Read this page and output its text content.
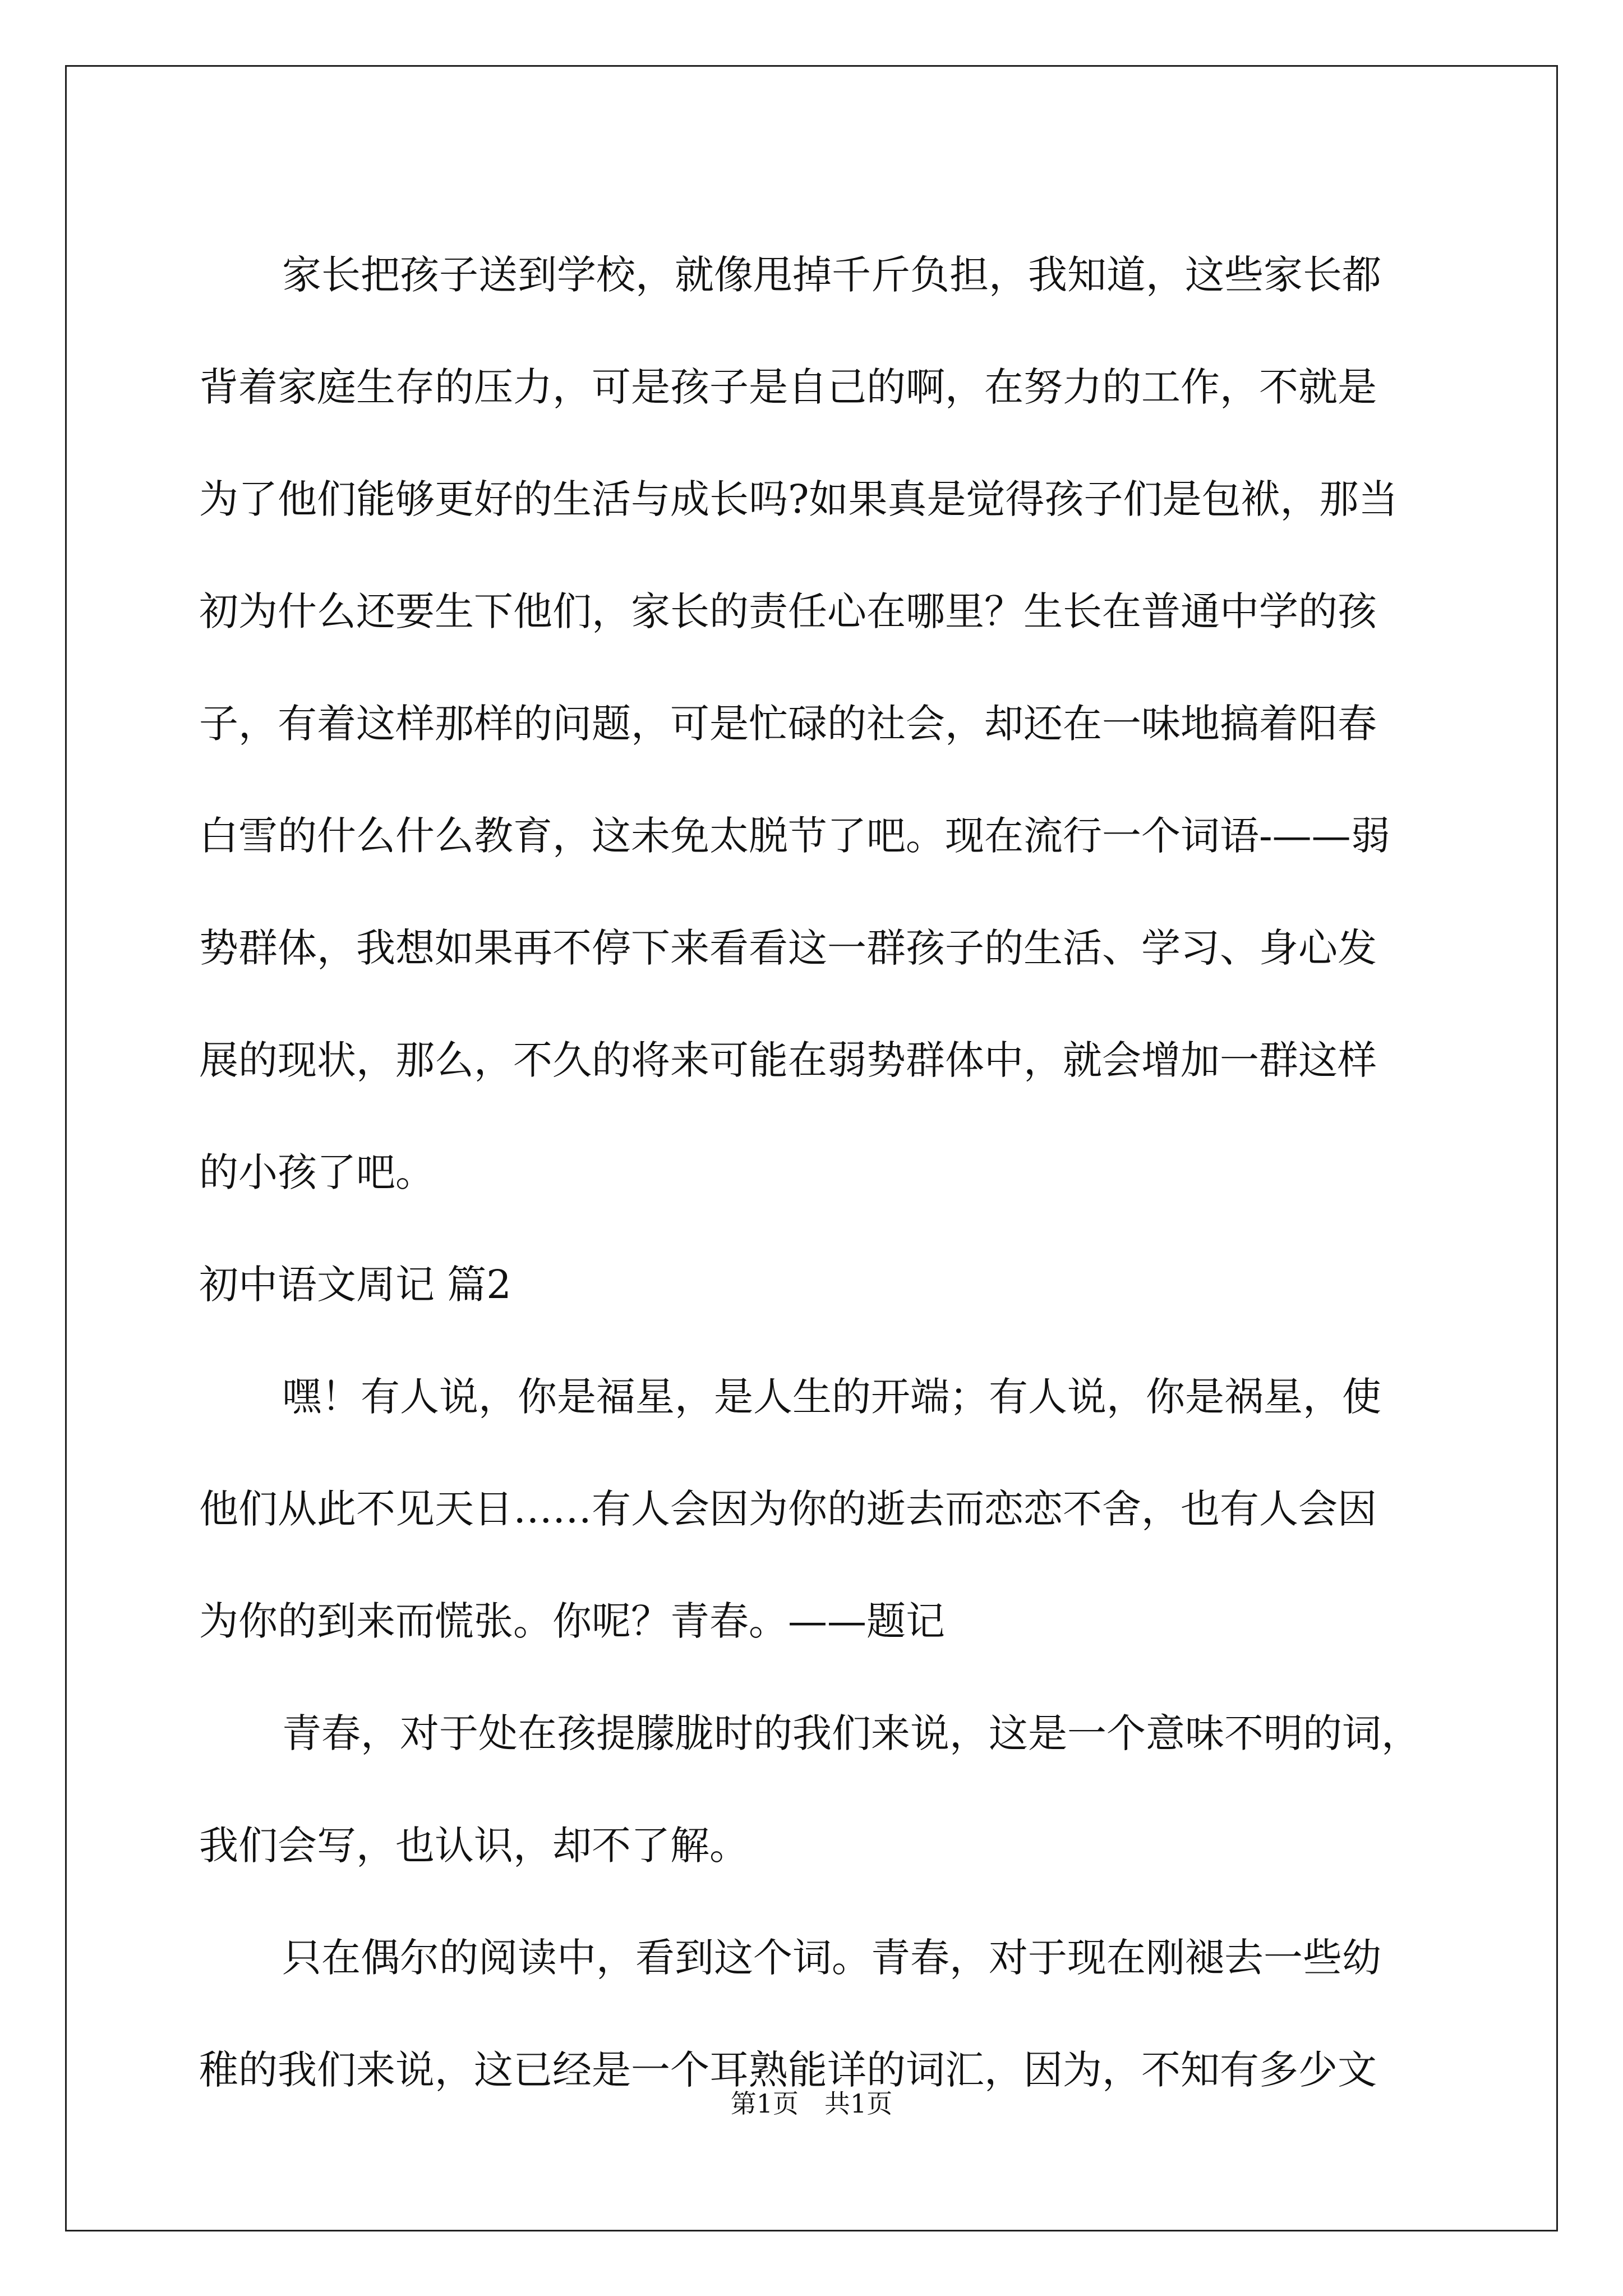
家长把孩子送到学校，就像甩掉千斤负担，我知道，这些家长都

背着家庭生存的压力，可是孩子是自己的啊，在努力的工作，不就是

为了他们能够更好的生活与成长吗?如果真是觉得孩子们是包袱，那当

初为什么还要生下他们，家长的责任心在哪里？生长在普通中学的孩

子，有着这样那样的问题，可是忙碌的社会，却还在一味地搞着阳春

白雪的什么什么教育，这未免太脱节了吧。现在流行一个词语-——弱

势群体，我想如果再不停下来看看这一群孩子的生活、学习、身心发

展的现状，那么，不久的将来可能在弱势群体中，就会增加一群这样

的小孩了吧。

初中语文周记 篇2

嘿！有人说，你是福星，是人生的开端；有人说，你是祸星，使

他们从此不见天日……有人会因为你的逝去而恋恋不舍，也有人会因

为你的到来而慌张。你呢？青春。——题记

青春，对于处在孩提朦胧时的我们来说，这是一个意味不明的词，

我们会写，也认识，却不了解。

只在偶尔的阅读中，看到这个词。青春，对于现在刚褪去一些幼

稚的我们来说，这已经是一个耳熟能详的词汇，因为，不知有多少文

第1页　共1页
